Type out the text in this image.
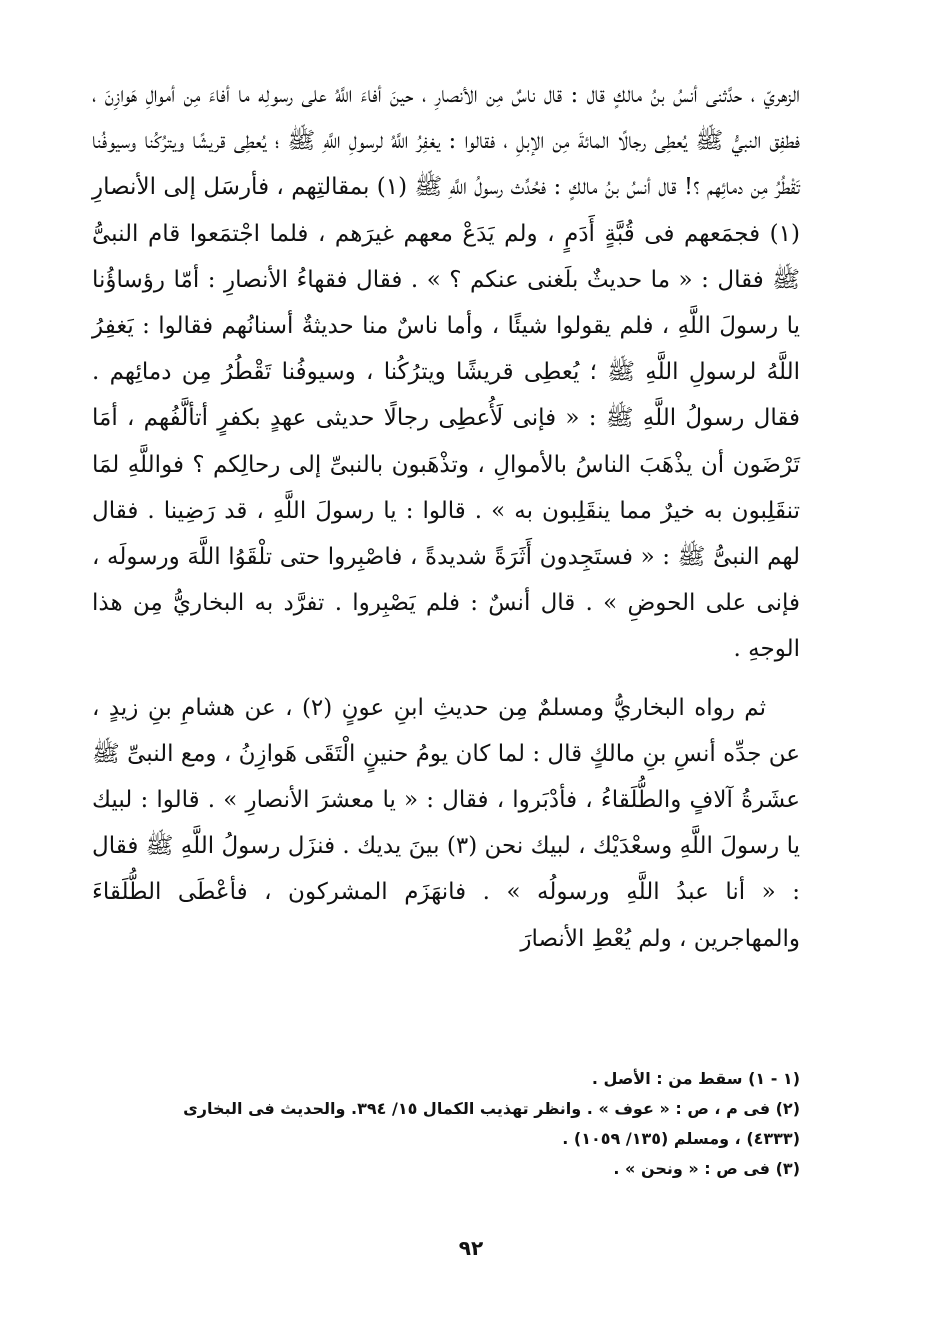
الزهريّ ، حدَّثنى أنسُ بنُ مالكٍ قال : قال ناسٌ مِن الأنصارِ ، حينَ أفاءَ اللَّهُ على رسولِه ما أفاءَ مِن أموالِ هَوازِنَ ، فطفِق النبيُّ ﷺ يُعطِى رجالًا المائةَ مِن الإبلِ ، فقالوا : يغفِرُ اللَّهُ لرسولِ اللَّهِ ﷺ ؛ يُعطِى قريشًا ويترُكُنا وسيوفُنا تَقْطُرُ مِن دمائِهم ؟! قال أنسُ بنُ مالكٍ : فحُدِّث رسولُ اللَّهِ ﷺ (١) بمقالتِهم ، فأرسَل إلى الأنصارِ (١) فجمَعهم فى قُبَّةٍ أَدَمٍ ، ولم يَدَعْ معهم غيرَهم ، فلما اجْتمَعوا قام النبىُّ ﷺ فقال : « ما حديثٌ بلَغنى عنكم ؟ » . فقال فقهاءُ الأنصارِ : أمّا رؤساؤُنا يا رسولَ اللَّهِ ، فلم يقولوا شيئًا ، وأما ناسٌ منا حديثةٌ أسنانُهم فقالوا : يَغفِرُ اللَّهُ لرسولِ اللَّهِ ﷺ ؛ يُعطِى قريشًا ويترُكُنا ، وسيوفُنا تَقْطُرُ مِن دمائِهم . فقال رسولُ اللَّهِ ﷺ : « فإنى لَأُعطِى رجالًا حديثى عهدٍ بكفرٍ أتألَّفُهم ، أمَا تَرْضَون أن يذْهَبَ الناسُ بالأموالِ ، وتذْهَبون بالنبىِّ إلى رحالِكم ؟ فواللَّهِ لمَا تنقَلِبون به خيرٌ مما ينقَلِبون به » . قالوا : يا رسولَ اللَّهِ ، قد رَضِينا . فقال لهم النبىُّ ﷺ : « فستَجِدون أَثَرَةً شديدةً ، فاصْبِروا حتى تلْقَوُا اللَّهَ ورسولَه ، فإنى على الحوضِ » . قال أنسٌ : فلم يَصْبِروا . تفرَّد به البخاريُّ مِن هذا الوجهِ .

ثم رواه البخاريُّ ومسلمٌ مِن حديثِ ابنِ عونٍ (٢) ، عن هشامِ بنِ زيدٍ ، عن جدِّه أنسِ بنِ مالكٍ قال : لما كان يومُ حنينٍ الْتَقَى هَوازِنُ ، ومع النبىِّ ﷺ عشَرةُ آلافٍ والطُّلَقاءُ ، فأدْبَروا ، فقال : « يا معشرَ الأنصارِ » . قالوا : لبيك يا رسولَ اللَّهِ وسعْدَيْك ، لبيك نحن (٣) بينَ يديك . فنزَل رسولُ اللَّهِ ﷺ فقال : « أنا عبدُ اللَّهِ ورسولُه » . فانهَزَم المشركون ، فأعْطَى الطُّلَقاءَ والمهاجرين ، ولم يُعْطِ الأنصارَ

(١ - ١) سقط من : الأصل .

(٢) فى م ، ص : « عوف » . وانظر تهذيب الكمال ١٥/ ٣٩٤. والحديث فى البخارى (٤٣٣٣) ، ومسلم (١٣٥/ ١٠٥٩) .

(٣) فى ص : « ونحن » .

٩٢
